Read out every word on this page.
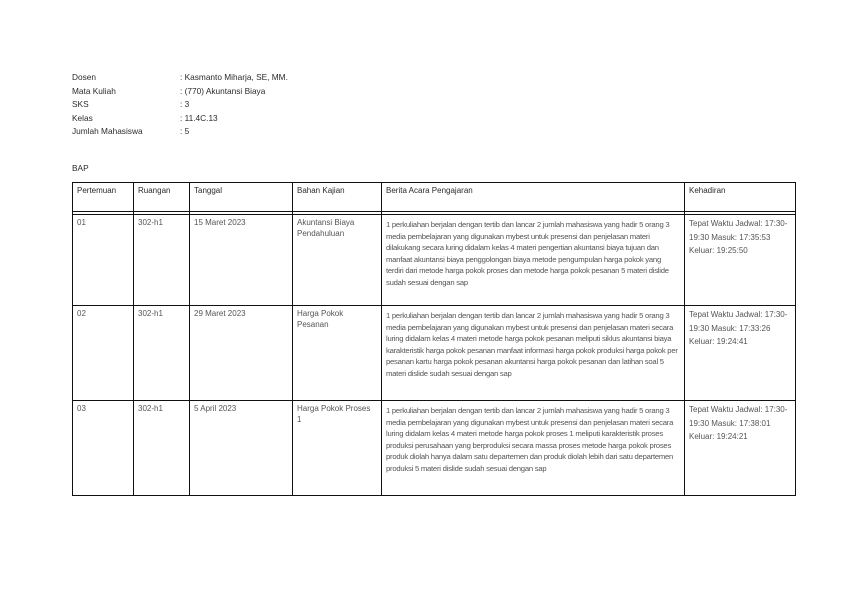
Dosen	: Kasmanto Miharja, SE, MM.
Mata Kuliah	: (770) Akuntansi Biaya
SKS	: 3
Kelas	: 11.4C.13
Jumlah Mahasiswa	: 5
BAP
Pertemuan	Ruangan	Tanggal	Bahan Kajian	Berita Acara Pengajaran	Kehadiran

01	302-h1	15 Maret 2023	Akuntansi Biaya Pendahuluan	1 perkuliahan berjalan dengan tertib dan lancar 2 jumlah mahasiswa yang hadir 5 orang 3 media pembelajaran yang digunakan mybest untuk presensi dan penjelasan materi dilakukang secara luring didalam kelas 4 materi pengertian akuntansi biaya tujuan dan manfaat akuntansi biaya penggolongan biaya metode pengumpulan harga pokok yang terdiri dari metode harga pokok proses dan metode harga pokok pesanan 5 materi dislide sudah sesuai dengan sap	Tepat Waktu Jadwal: 17:30-19:30 Masuk: 17:35:53 Keluar: 19:25:50
02	302-h1	29 Maret 2023	Harga Pokok Pesanan	1 perkuliahan berjalan dengan tertib dan lancar 2 jumlah mahasiswa yang hadir 5 orang 3 media pembelajaran yang digunakan mybest untuk presensi dan penjelasan materi secara luring didalam kelas 4 materi metode harga pokok pesanan meliputi siklus akuntansi biaya karakteristik harga pokok pesanan manfaat informasi harga pokok produksi harga pokok per pesanan kartu harga pokok pesanan akuntansi harga pokok pesanan dan latihan soal 5 materi dislide sudah sesuai dengan sap	Tepat Waktu Jadwal: 17:30-19:30 Masuk: 17:33:26 Keluar: 19:24:41
03	302-h1	5 April 2023	Harga Pokok Proses 1	1 perkuliahan berjalan dengan tertib dan lancar 2 jumlah mahasiswa yang hadir 5 orang 3 media pembelajaran yang digunakan mybest untuk presensi dan penjelasan materi secara luring didalam kelas 4 materi metode harga pokok proses 1 meliputi karakteristik proses produksi perusahaan yang berproduksi secara massa proses metode harga pokok proses produk diolah hanya dalam satu departemen dan produk diolah lebih dari satu departemen produksi 5 materi dislide sudah sesuai dengan sap	Tepat Waktu Jadwal: 17:30-19:30 Masuk: 17:38:01 Keluar: 19:24:21
